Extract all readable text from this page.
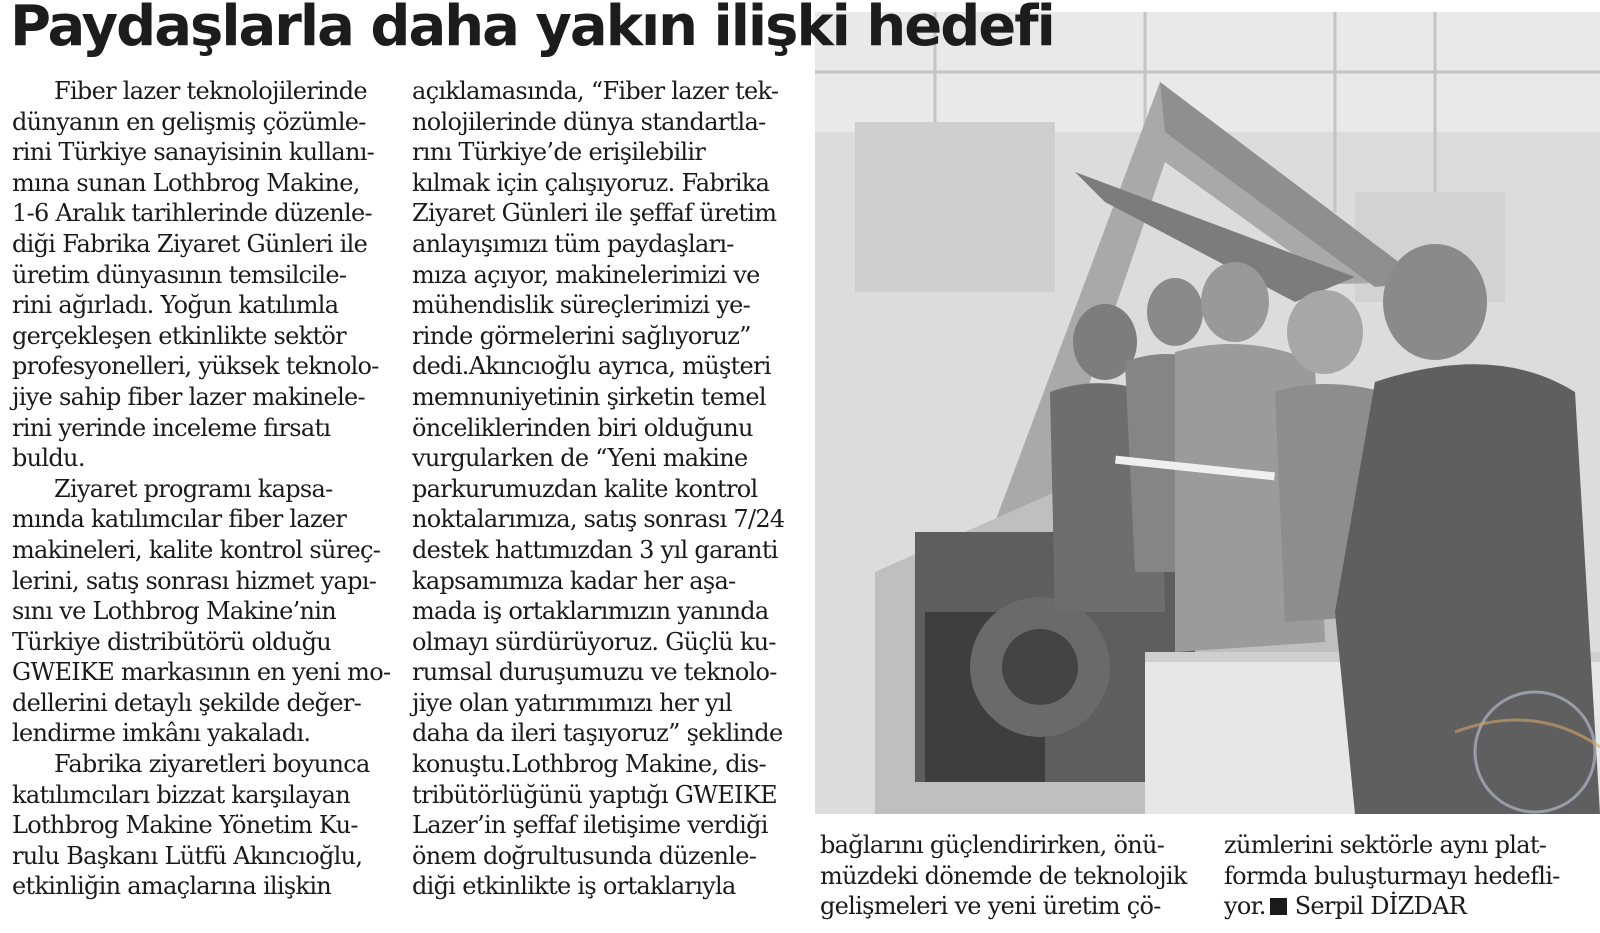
Paydaşlarla daha yakın ilişki hedefi
Fiber lazer teknolojilerinde
dünyanın en gelişmiş çözümle-
rini Türkiye sanayisinin kullanı-
mına sunan Lothbrog Makine,
1-6 Aralık tarihlerinde düzenle-
diği Fabrika Ziyaret Günleri ile
üretim dünyasının temsilcile-
rini ağırladı. Yoğun katılımla
gerçekleşen etkinlikte sektör
profesyonelleri, yüksek teknolo-
jiye sahip fiber lazer makinele-
rini yerinde inceleme fırsatı
buldu.
Ziyaret programı kapsa-
mında katılımcılar fiber lazer
makineleri, kalite kontrol süreç-
lerini, satış sonrası hizmet yapı-
sını ve Lothbrog Makine’nin
Türkiye distribütörü olduğu
GWEIKE markasının en yeni mo-
dellerini detaylı şekilde değer-
lendirme imkânı yakaladı.
Fabrika ziyaretleri boyunca
katılımcıları bizzat karşılayan
Lothbrog Makine Yönetim Ku-
rulu Başkanı Lütfü Akıncıoğlu,
etkinliğin amaçlarına ilişkin
açıklamasında, “Fiber lazer tek-
nolojilerinde dünya standartla-
rını Türkiye’de erişilebilir
kılmak için çalışıyoruz. Fabrika
Ziyaret Günleri ile şeffaf üretim
anlayışımızı tüm paydaşları-
mıza açıyor, makinelerimizi ve
mühendislik süreçlerimizi ye-
rinde görmelerini sağlıyoruz”
dedi.Akıncıoğlu ayrıca, müşteri
memnuniyetinin şirketin temel
önceliklerinden biri olduğunu
vurgularken de “Yeni makine
parkurumuzdan kalite kontrol
noktalarımıza, satış sonrası 7/24
destek hattımızdan 3 yıl garanti
kapsamımıza kadar her aşa-
mada iş ortaklarımızın yanında
olmayı sürdürüyoruz. Güçlü ku-
rumsal duruşumuzu ve teknolo-
jiye olan yatırımımızı her yıl
daha da ileri taşıyoruz” şeklinde
konuştu.Lothbrog Makine, dis-
tribütörlüğünü yaptığı GWEIKE
Lazer’in şeffaf iletişime verdiği
önem doğrultusunda düzenle-
diği etkinlikte iş ortaklarıyla
bağlarını güçlendirirken, önü-
müzdeki dönemde de teknolojik
gelişmeleri ve yeni üretim çö-
zümlerini sektörle aynı plat-
formda buluşturmayı hedefli-
yor. Serpil DİZDAR
